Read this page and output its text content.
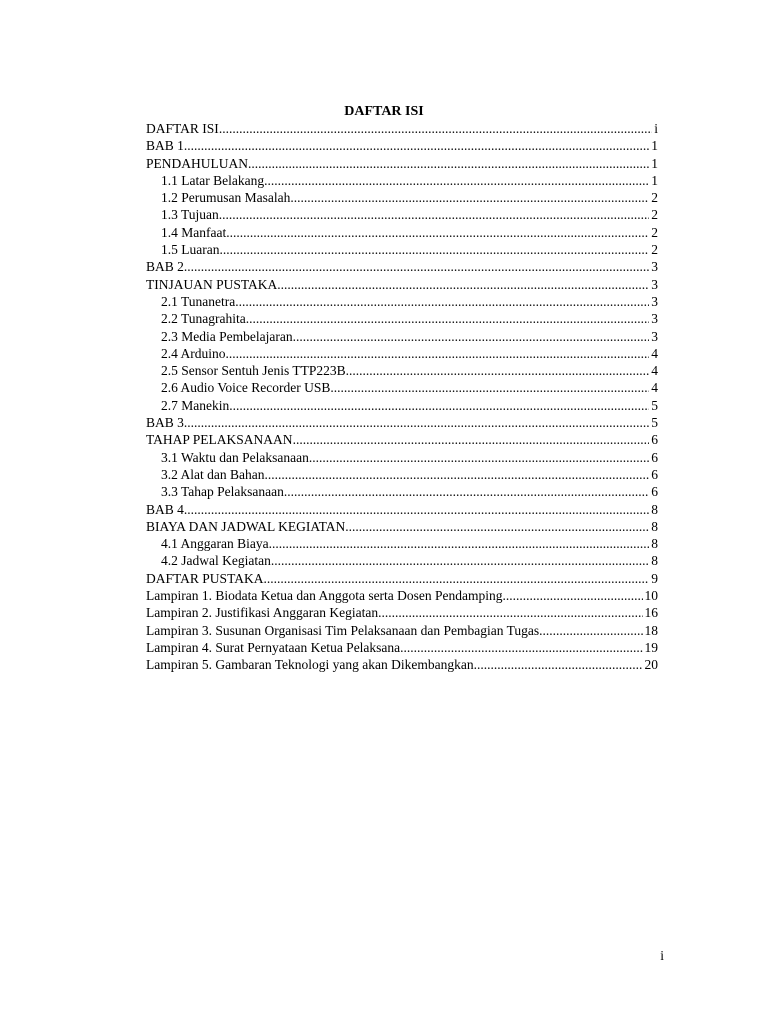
DAFTAR ISI
DAFTAR ISI .....	i
BAB 1 .....	1
PENDAHULUAN .....	1
1.1 Latar Belakang .....	1
1.2 Perumusan Masalah .....	2
1.3 Tujuan .....	2
1.4 Manfaat .....	2
1.5 Luaran .....	2
BAB 2 .....	3
TINJAUAN PUSTAKA .....	3
2.1 Tunanetra .....	3
2.2 Tunagrahita .....	3
2.3 Media Pembelajaran .....	3
2.4 Arduino .....	4
2.5 Sensor Sentuh Jenis TTP223B .....	4
2.6 Audio Voice Recorder USB .....	4
2.7 Manekin .....	5
BAB 3 .....	5
TAHAP PELAKSANAAN .....	6
3.1 Waktu dan Pelaksanaan .....	6
3.2 Alat dan Bahan .....	6
3.3 Tahap Pelaksanaan .....	6
BAB 4 .....	8
BIAYA DAN JADWAL KEGIATAN .....	8
4.1 Anggaran Biaya .....	8
4.2 Jadwal Kegiatan .....	8
DAFTAR PUSTAKA .....	9
Lampiran 1. Biodata Ketua dan Anggota serta Dosen Pendamping .....	10
Lampiran 2. Justifikasi Anggaran Kegiatan .....	16
Lampiran 3. Susunan Organisasi Tim Pelaksanaan dan Pembagian Tugas .....	18
Lampiran 4. Surat Pernyataan Ketua Pelaksana .....	19
Lampiran 5. Gambaran Teknologi yang akan Dikembangkan .....	20
i
